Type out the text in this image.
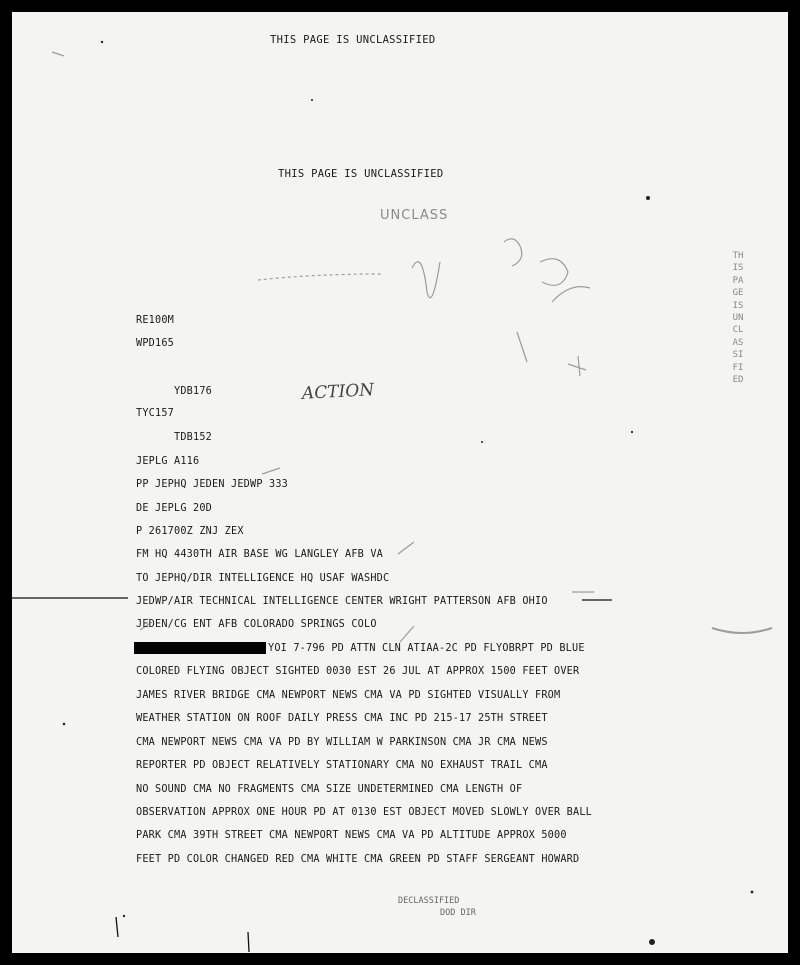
THIS PAGE IS UNCLASSIFIED
THIS PAGE IS UNCLASSIFIED
UNCLASS
ACTION
RE100M
WPD165
YDB176
TYC157
TDB152
JEPLG A116
PP JEPHQ JEDEN JEDWP 333
DE JEPLG 20D
P 261700Z ZNJ ZEX
FM HQ 4430TH AIR BASE WG LANGLEY AFB VA
TO JEPHQ/DIR INTELLIGENCE HQ USAF WASHDC
JEDWP/AIR TECHNICAL INTELLIGENCE CENTER WRIGHT PATTERSON AFB OHIO
JEDEN/CG ENT AFB COLORADO SPRINGS COLO
YOI 7-796 PD ATTN CLN ATIAA-2C PD FLYOBRPT PD BLUE
COLORED FLYING OBJECT SIGHTED 0030 EST 26 JUL AT APPROX 1500 FEET OVER
JAMES RIVER BRIDGE CMA NEWPORT NEWS CMA VA PD SIGHTED VISUALLY FROM
WEATHER STATION ON ROOF DAILY PRESS CMA INC PD 215-17 25TH STREET
CMA NEWPORT NEWS CMA VA PD BY WILLIAM W PARKINSON CMA JR CMA NEWS
REPORTER PD OBJECT RELATIVELY STATIONARY CMA NO EXHAUST TRAIL CMA
NO SOUND CMA NO FRAGMENTS CMA SIZE UNDETERMINED CMA LENGTH OF
OBSERVATION APPROX ONE HOUR PD AT 0130 EST OBJECT MOVED SLOWLY OVER BALL
PARK CMA 39TH STREET CMA NEWPORT NEWS CMA VA PD ALTITUDE APPROX 5000
FEET PD COLOR CHANGED RED CMA WHITE CMA GREEN PD STAFF SERGEANT HOWARD
THIS PAGE IS UNCLASSIFIED
DECLASSIFIED
DOD DIR
